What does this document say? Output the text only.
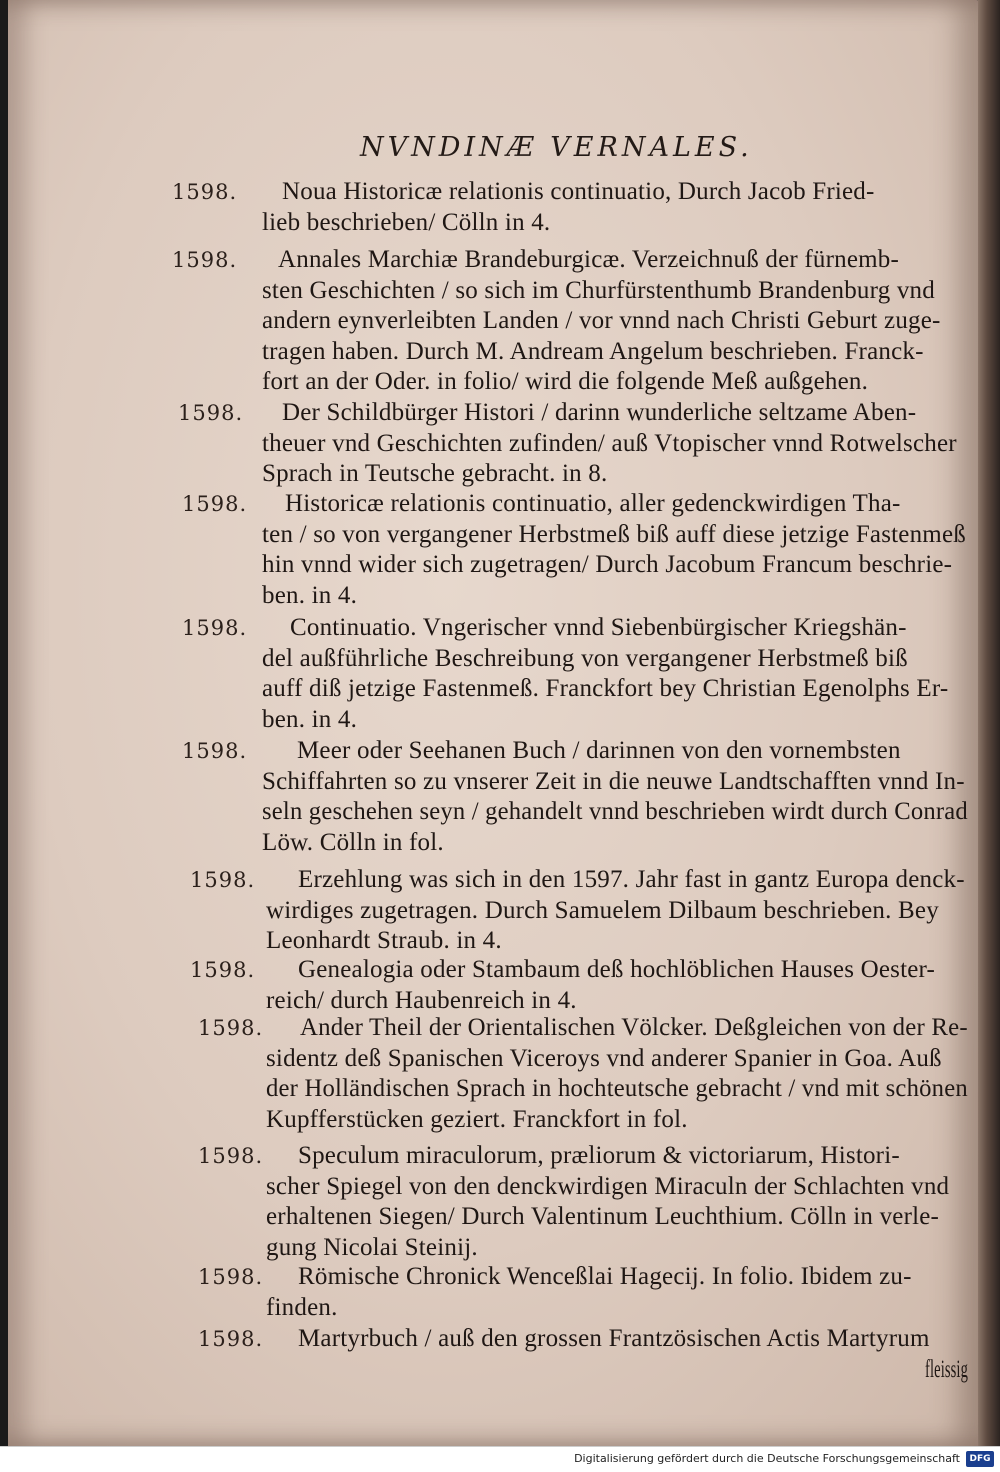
NVNDINÆ VERNALES.
1598. Noua Historicæ relationis continuatio, Durch Jacob Fried-
lieb beschrieben/ Cölln in 4.
1598. Annales Marchiæ Brandeburgicæ. Verzeichnuß der fürnemb-
sten Geschichten / so sich im Churfürstenthumb Brandenburg vnd
andern eynverleibten Landen / vor vnnd nach Christi Geburt zuge-
tragen haben. Durch M. Andream Angelum beschrieben. Franck-
fort an der Oder. in folio/ wird die folgende Meß außgehen.
1598. Der Schildbürger Histori / darinn wunderliche seltzame Aben-
theuer vnd Geschichten zufinden/ auß Vtopischer vnnd Rotwelscher
Sprach in Teutsche gebracht. in 8.
1598. Historicæ relationis continuatio, aller gedenckwirdigen Tha-
ten / so von vergangener Herbstmeß biß auff diese jetzige Fastenmeß
hin vnnd wider sich zugetragen/ Durch Jacobum Francum beschrie-
ben. in 4.
1598. Continuatio. Vngerischer vnnd Siebenbürgischer Kriegshän-
del außführliche Beschreibung von vergangener Herbstmeß biß
auff diß jetzige Fastenmeß. Franckfort bey Christian Egenolphs Er-
ben. in 4.
1598. Meer oder Seehanen Buch / darinnen von den vornembsten
Schiffahrten so zu vnserer Zeit in die neuwe Landtschafften vnnd In-
seln geschehen seyn / gehandelt vnnd beschrieben wirdt durch Conrad
Löw. Cölln in fol.
1598. Erzehlung was sich in den 1597. Jahr fast in gantz Europa denck-
wirdiges zugetragen. Durch Samuelem Dilbaum beschrieben. Bey
Leonhardt Straub. in 4.
1598. Genealogia oder Stambaum deß hochlöblichen Hauses Oester-
reich/ durch Haubenreich in 4.
1598. Ander Theil der Orientalischen Völcker. Deßgleichen von der Re-
sidentz deß Spanischen Viceroys vnd anderer Spanier in Goa. Auß
der Holländischen Sprach in hochteutsche gebracht / vnd mit schönen
Kupfferstücken geziert. Franckfort in fol.
1598. Speculum miraculorum, præliorum & victoriarum, Histori-
scher Spiegel von den denckwirdigen Miraculn der Schlachten vnd
erhaltenen Siegen/ Durch Valentinum Leuchthium. Cölln in verle-
gung Nicolai Steinij.
1598. Römische Chronick Wenceßlai Hagecij. In folio. Ibidem zu-
finden.
1598. Martyrbuch / auß den grossen Frantzösischen Actis Martyrum
fleissig
Digitalisierung gefördert durch die Deutsche Forschungsgemeinschaft	DFG
